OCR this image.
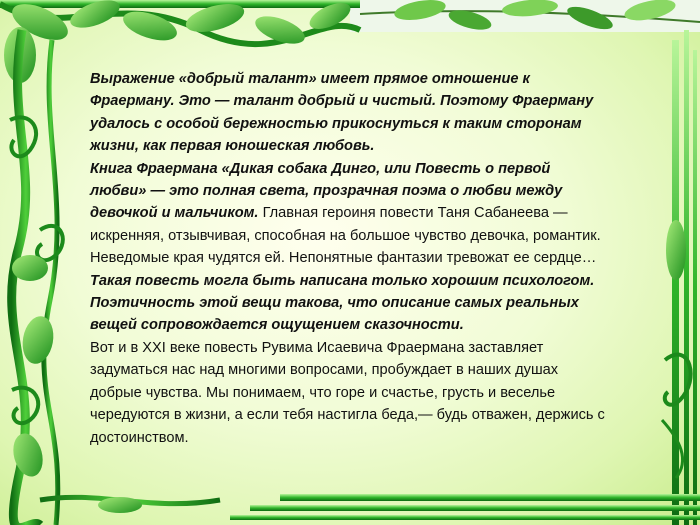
Выражение «добрый талант» имеет прямое отношение к Фраерману. Это — талант добрый и чистый. Поэтому Фраерману удалось с особой бережностью прикоснуться к таким сторонам жизни, как первая юношеская любовь.
Книга Фраермана «Дикая собака Динго, или Повесть о первой любви» — это полная света, прозрачная поэма о любви между девочкой и мальчиком. Главная героиня повести Таня Сабанеева — искренняя, отзывчивая, способная на большое чувство девочка, романтик. Неведомые края чудятся ей. Непонятные фантазии тревожат ее сердце…
Такая повесть могла быть написана только хорошим психологом.
Поэтичность этой вещи такова, что описание самых реальных вещей сопровождается ощущением сказочности.
Вот и в XXI веке повесть Рувима Исаевича Фраермана заставляет задуматься нас над многими вопросами, пробуждает в наших душах добрые чувства. Мы понимаем, что горе и счастье, грусть и веселье чередуются в жизни, а если тебя настигла беда,— будь отважен, держись с достоинством.
